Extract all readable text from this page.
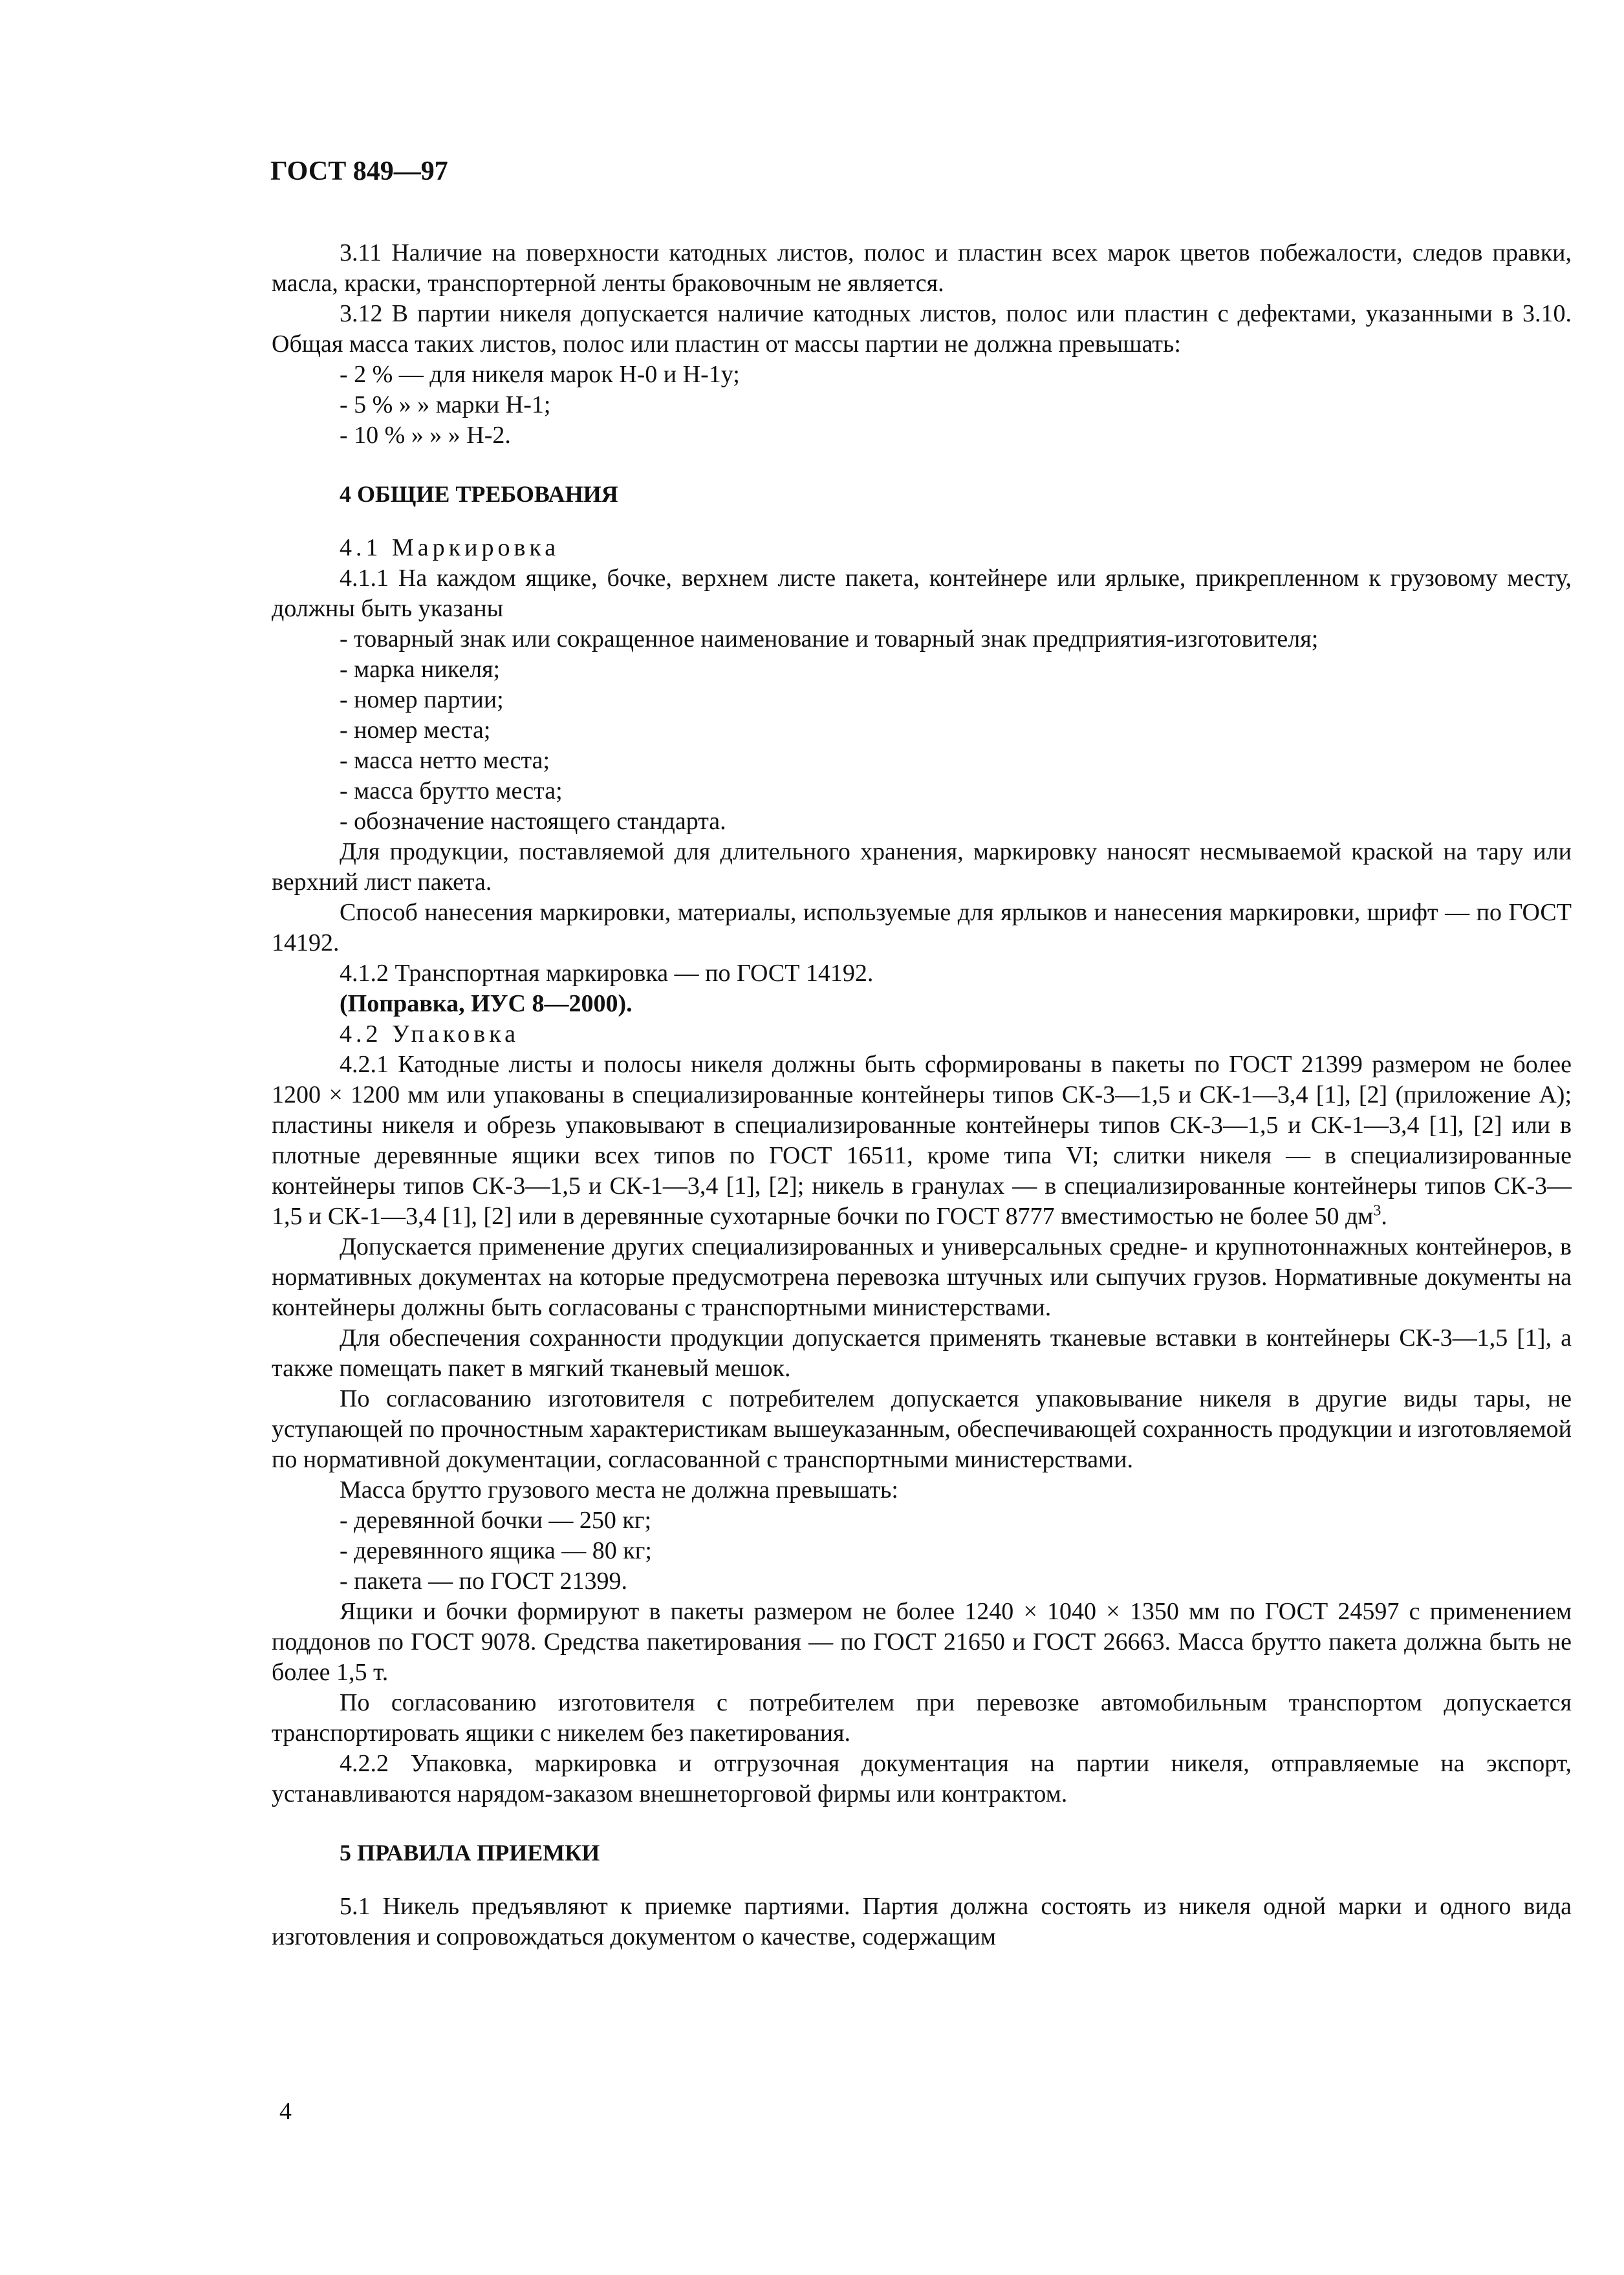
ГОСТ 849—97

3.11 Наличие на поверхности катодных листов, полос и пластин всех марок цветов побежалости, следов правки, масла, краски, транспортерной ленты браковочным не является.

3.12 В партии никеля допускается наличие катодных листов, полос или пластин с дефектами, указанными в 3.10. Общая масса таких листов, полос или пластин от массы партии не должна превышать:

- 2 % — для никеля марок Н-0 и Н-1у;

- 5 % » » марки Н-1;

- 10 % » » » Н-2.

4 ОБЩИЕ ТРЕБОВАНИЯ

4.1 Маркировка

4.1.1 На каждом ящике, бочке, верхнем листе пакета, контейнере или ярлыке, прикрепленном к грузовому месту, должны быть указаны

- товарный знак или сокращенное наименование и товарный знак предприятия-изготовителя;

- марка никеля;

- номер партии;

- номер места;

- масса нетто места;

- масса брутто места;

- обозначение настоящего стандарта.

Для продукции, поставляемой для длительного хранения, маркировку наносят несмываемой краской на тару или верхний лист пакета.

Способ нанесения маркировки, материалы, используемые для ярлыков и нанесения маркировки, шрифт — по ГОСТ 14192.

4.1.2 Транспортная маркировка — по ГОСТ 14192.

(Поправка, ИУС 8—2000).

4.2 Упаковка

4.2.1 Катодные листы и полосы никеля должны быть сформированы в пакеты по ГОСТ 21399 размером не более 1200 × 1200 мм или упакованы в специализированные контейнеры типов СК-3—1,5 и СК-1—3,4 [1], [2] (приложение А); пластины никеля и обрезь упаковывают в специализированные контейнеры типов СК-3—1,5 и СК-1—3,4 [1], [2] или в плотные деревянные ящики всех типов по ГОСТ 16511, кроме типа VI; слитки никеля — в специализированные контейнеры типов СК-3—1,5 и СК-1—3,4 [1], [2]; никель в гранулах — в специализированные контейнеры типов СК-3—1,5 и СК-1—3,4 [1], [2] или в деревянные сухотарные бочки по ГОСТ 8777 вместимостью не более 50 $дм^3$.

Допускается применение других специализированных и универсальных средне- и крупнотоннажных контейнеров, в нормативных документах на которые предусмотрена перевозка штучных или сыпучих грузов. Нормативные документы на контейнеры должны быть согласованы с транспортными министерствами.

Для обеспечения сохранности продукции допускается применять тканевые вставки в контейнеры СК-3—1,5 [1], а также помещать пакет в мягкий тканевый мешок.

По согласованию изготовителя с потребителем допускается упаковывание никеля в другие виды тары, не уступающей по прочностным характеристикам вышеуказанным, обеспечивающей сохранность продукции и изготовляемой по нормативной документации, согласованной с транспортными министерствами.

Масса брутто грузового места не должна превышать:

- деревянной бочки — 250 кг;

- деревянного ящика — 80 кг;

- пакета — по ГОСТ 21399.

Ящики и бочки формируют в пакеты размером не более 1240 × 1040 × 1350 мм по ГОСТ 24597 с применением поддонов по ГОСТ 9078. Средства пакетирования — по ГОСТ 21650 и ГОСТ 26663. Масса брутто пакета должна быть не более 1,5 т.

По согласованию изготовителя с потребителем при перевозке автомобильным транспортом допускается транспортировать ящики с никелем без пакетирования.

4.2.2 Упаковка, маркировка и отгрузочная документация на партии никеля, отправляемые на экспорт, устанавливаются нарядом-заказом внешнеторговой фирмы или контрактом.

5 ПРАВИЛА ПРИЕМКИ

5.1 Никель предъявляют к приемке партиями. Партия должна состоять из никеля одной марки и одного вида изготовления и сопровождаться документом о качестве, содержащим

4
